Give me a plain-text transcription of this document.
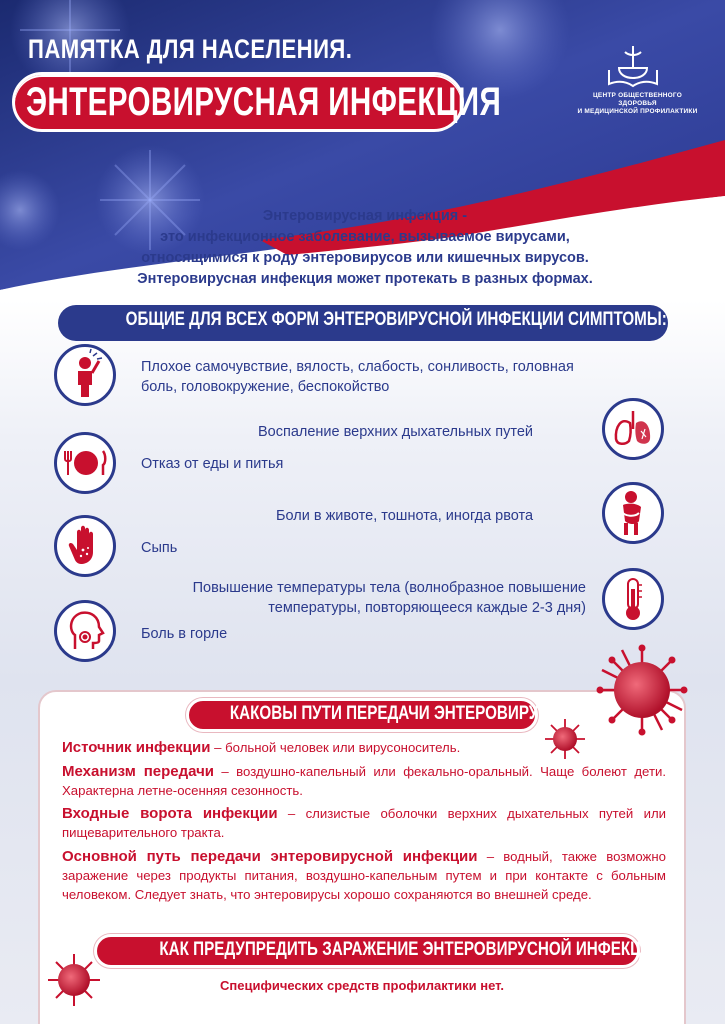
ПАМЯТКА ДЛЯ НАСЕЛЕНИЯ.
ЭНТЕРОВИРУСНАЯ ИНФЕКЦИЯ	ЦЕНТР ОБЩЕСТВЕННОГО ЗДОРОВЬЯ
И МЕДИЦИНСКОЙ ПРОФИЛАКТИКИ
Энтеровирусная инфекция -
это инфекционное заболевание, вызываемое вирусами,
относящимися к роду энтеровирусов или кишечных вирусов.
Энтеровирусная инфекция может протекать в разных формах.
ОБЩИЕ ДЛЯ ВСЕХ ФОРМ ЭНТЕРОВИРУСНОЙ ИНФЕКЦИИ СИМПТОМЫ:
Плохое самочувствие, вялость, слабость, сонливость, головная
боль, головокружение, беспокойство
Воспаление верхних дыхательных путей
Отказ от еды и питья
Боли в животе, тошнота, иногда рвота
Сыпь
Повышение температуры тела (волнобразное повышение
температуры, повторяющееся каждые 2-3 дня)
Боль в горле
КАКОВЫ ПУТИ ПЕРЕДАЧИ ЭНТЕРОВИРУСОВ?
Источник инфекции – больной человек или вирусоноситель.
Механизм передачи – воздушно-капельный или фекально-оральный. Чаще болеют дети. Характерна летне-осенняя сезонность.
Входные ворота инфекции – слизистые оболочки верхних дыхательных путей или пищеварительного тракта.
Основной путь передачи энтеровирусной инфекции – водный, также возможно заражение через продукты питания, воздушно-капельным путем и при контакте с больным человеком. Следует знать, что энтеровирусы хорошо сохраняются во внешней среде.
КАК ПРЕДУПРЕДИТЬ ЗАРАЖЕНИЕ ЭНТЕРОВИРУСНОЙ ИНФЕКЦИЕЙ?
Специфических средств профилактики нет.
